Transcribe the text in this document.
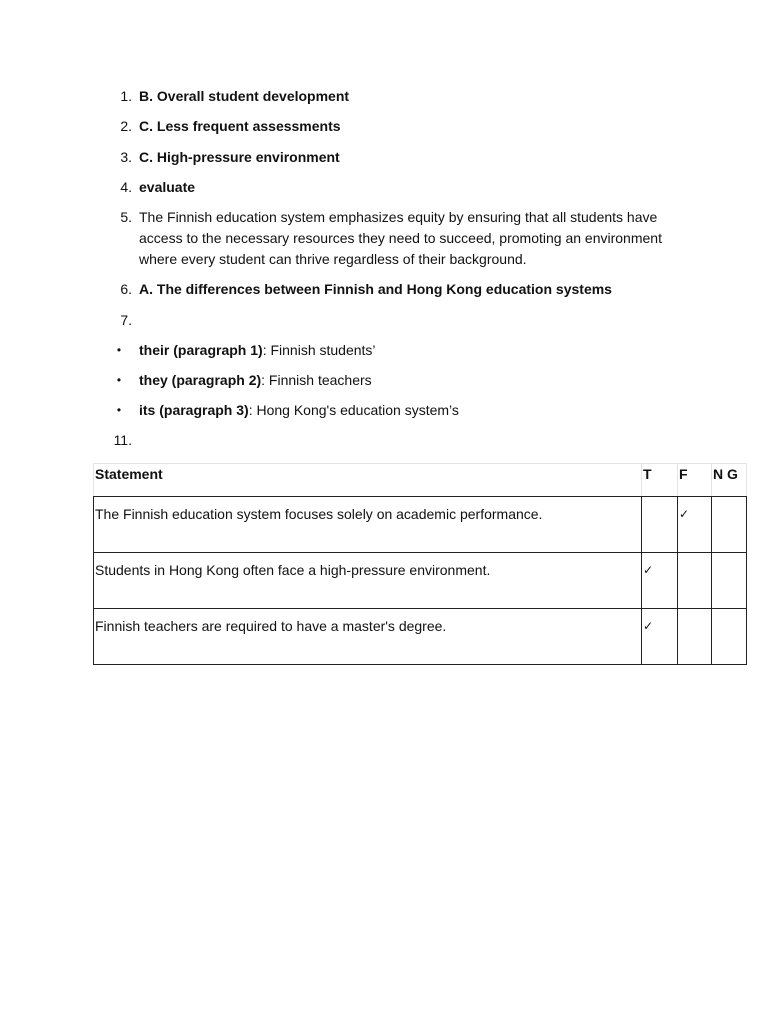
1. B. Overall student development
2. C. Less frequent assessments
3. C. High-pressure environment
4. evaluate
5. The Finnish education system emphasizes equity by ensuring that all students have access to the necessary resources they need to succeed, promoting an environment where every student can thrive regardless of their background.
6. A. The differences between Finnish and Hong Kong education systems
7.
• their (paragraph 1): Finnish students’
• they (paragraph 2): Finnish teachers
• its (paragraph 3): Hong Kong's education system’s
11.
Statement	T	F	N G
The Finnish education system focuses solely on academic performance.		✓	
Students in Hong Kong often face a high-pressure environment.	✓		
Finnish teachers are required to have a master's degree.	✓		
